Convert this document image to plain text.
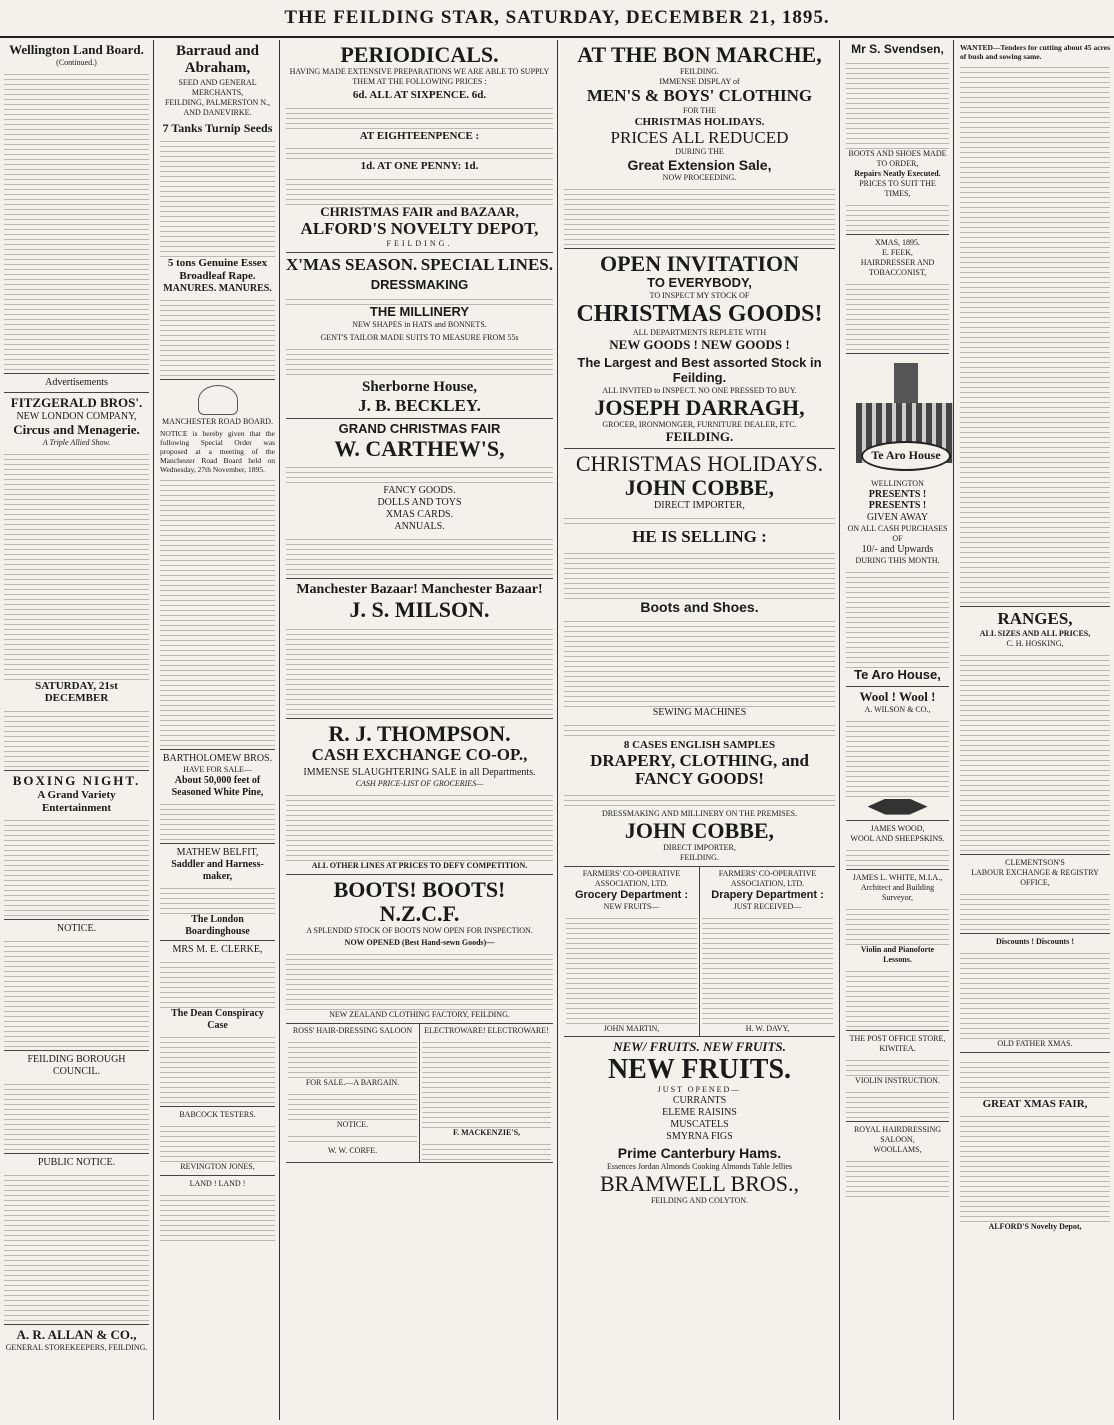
THE FEILDING STAR, SATURDAY, DECEMBER 21, 1895.
Wellington Land Board.
(Continued.)
Advertisements
FITZGERALD BROS'.
NEW LONDON COMPANY,
Circus and Menagerie.
A Triple Allied Show.
SATURDAY, 21st DECEMBER
BOXING NIGHT.
A Grand Variety Entertainment
NOTICE.
FEILDING BOROUGH COUNCIL.
PUBLIC NOTICE.
A. R. ALLAN & CO.,
GENERAL STOREKEEPERS, FEILDING.
Barraud and Abraham,
SEED AND GENERAL MERCHANTS,
FEILDING, PALMERSTON N., AND DANEVIRKE.
7 Tanks Turnip Seeds
5 tons Genuine Essex Broadleaf Rape.
MANURES. MANURES.
MANCHESTER ROAD BOARD.
NOTICE is hereby given that the following Special Order was proposed at a meeting of the Manchester Road Board held on Wednesday, 27th November, 1895.
BARTHOLOMEW BROS.
HAVE FOR SALE—
About 50,000 feet of Seasoned White Pine,
MATHEW BELFIT,
Saddler and Harness-maker,
The London Boardinghouse
MRS M. E. CLERKE,
The Dean Conspiracy Case
BABCOCK TESTERS.
REVINGTON JONES,
LAND ! LAND !
PERIODICALS.
HAVING MADE EXTENSIVE PREPARATIONS WE ARE ABLE TO SUPPLY THEM AT THE FOLLOWING PRICES :
6d. ALL AT SIXPENCE. 6d.
AT EIGHTEENPENCE :
1d. AT ONE PENNY: 1d.
CHRISTMAS FAIR and BAZAAR,
ALFORD'S NOVELTY DEPOT,
FEILDING.
X'MAS SEASON. SPECIAL LINES.
DRESSMAKING
THE MILLINERY
NEW SHAPES in HATS and BONNETS.
GENT'S TAILOR MADE SUITS TO MEASURE FROM 55s
Sherborne House,
J. B. BECKLEY.
GRAND CHRISTMAS FAIR
W. CARTHEW'S,
FANCY GOODS.
DOLLS AND TOYS
XMAS CARDS.
ANNUALS.
Manchester Bazaar! Manchester Bazaar!
J. S. MILSON.
R. J. THOMPSON.
CASH EXCHANGE CO-OP.,
IMMENSE SLAUGHTERING SALE in all Departments.
CASH PRICE-LIST OF GROCERIES—
ALL OTHER LINES AT PRICES TO DEFY COMPETITION.
BOOTS! BOOTS!
N.Z.C.F.
A SPLENDID STOCK OF BOOTS NOW OPEN FOR INSPECTION.
NOW OPENED (Best Hand-sewn Goods)—
NEW ZEALAND CLOTHING FACTORY, FEILDING.
ROSS' HAIR-DRESSING SALOON
FOR SALE.—A BARGAIN.
NOTICE.
W. W. CORFE.
ELECTROWARE! ELECTROWARE!
F. MACKENZIE'S,
AT THE BON MARCHE,
FEILDING.
IMMENSE DISPLAY of
MEN'S & BOYS' CLOTHING
FOR THE
CHRISTMAS HOLIDAYS.
PRICES ALL REDUCED
DURING THE
Great Extension Sale,
NOW PROCEEDING.
OPEN INVITATION
TO EVERYBODY,
TO INSPECT MY STOCK OF
CHRISTMAS GOODS!
ALL DEPARTMENTS REPLETE WITH
NEW GOODS ! NEW GOODS !
The Largest and Best assorted Stock in Feilding.
ALL INVITED to INSPECT. NO ONE PRESSED TO BUY.
JOSEPH DARRAGH,
GROCER, IRONMONGER, FURNITURE DEALER, ETC.
FEILDING.
CHRISTMAS HOLIDAYS.
JOHN COBBE,
DIRECT IMPORTER,
HE IS SELLING :
Boots and Shoes.
SEWING MACHINES
8 CASES ENGLISH SAMPLES
DRAPERY, CLOTHING, and FANCY GOODS!
DRESSMAKING AND MILLINERY ON THE PREMISES.
JOHN COBBE,
DIRECT IMPORTER,
FEILDING.
FARMERS' CO-OPERATIVE ASSOCIATION, LTD.
Grocery Department :
NEW FRUITS—
JOHN MARTIN,
FARMERS' CO-OPERATIVE ASSOCIATION, LTD.
Drapery Department :
JUST RECEIVED—
H. W. DAVY,
NEW/ FRUITS. NEW FRUITS.
NEW FRUITS.
JUST OPENED—
CURRANTS
ELEME RAISINS
MUSCATELS
SMYRNA FIGS
Prime Canterbury Hams.
Essences Jordan Almonds Cooking Almonds Table Jellies
BRAMWELL BROS.,
FEILDING AND COLYTON.
Mr S. Svendsen,
BOOTS AND SHOES MADE TO ORDER,
Repairs Neatly Executed.
PRICES TO SUIT THE TIMES,
XMAS, 1895.
E. FEEK,
HAIRDRESSER AND TOBACCONIST,
Te Aro House
WELLINGTON
PRESENTS ! PRESENTS !
GIVEN AWAY
ON ALL CASH PURCHASES OF
10/- and Upwards
DURING THIS MONTH.
Te Aro House,
Wool ! Wool !
A. WILSON & CO.,
JAMES WOOD,
WOOL AND SHEEPSKINS.
JAMES L. WHITE, M.I.A.,
Architect and Building Surveyor,
Violin and Pianoforte Lessons.
THE POST OFFICE STORE,
KIWITEA.
VIOLIN INSTRUCTION.
ROYAL HAIRDRESSING SALOON,
WOOLLAMS,
WANTED—Tenders for cutting about 45 acres of bush and sowing same.
RANGES,
ALL SIZES AND ALL PRICES,
C. H. HOSKING,
CLEMENTSON'S
LABOUR EXCHANGE & REGISTRY OFFICE,
Discounts ! Discounts !
OLD FATHER XMAS.
GREAT XMAS FAIR,
ALFORD'S Novelty Depot,
